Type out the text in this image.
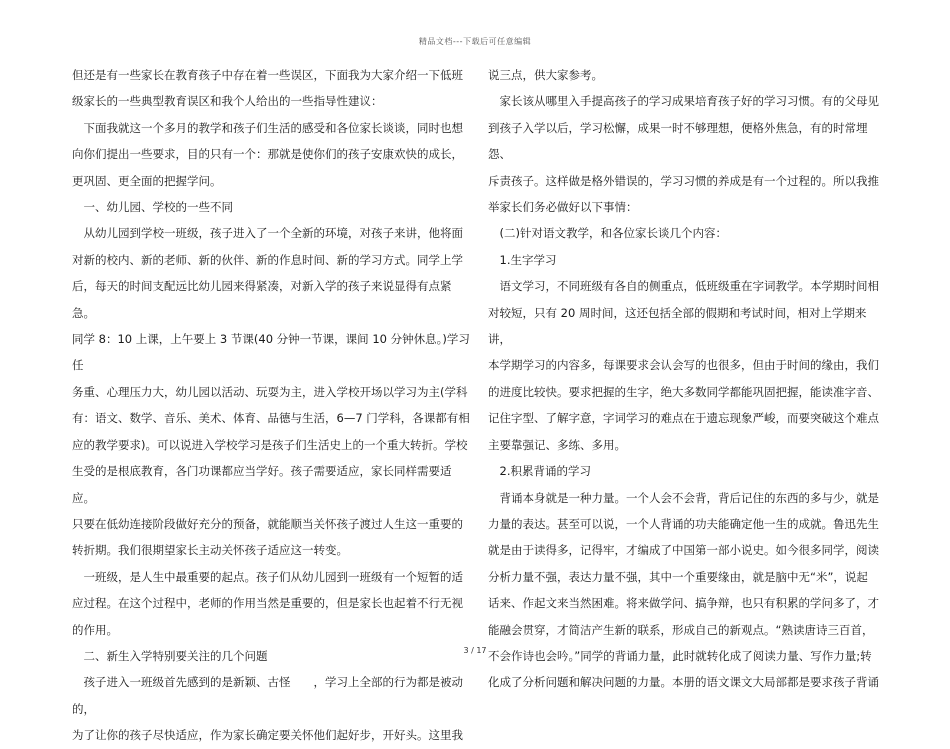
精品文档---下载后可任意编辑

但还是有一些家长在教育孩子中存在着一些误区，下面我为大家介绍一下低班

级家长的一些典型教育误区和我个人给出的一些指导性建议：

　下面我就这一个多月的教学和孩子们生活的感受和各位家长谈谈，同时也想

向你们提出一些要求，目的只有一个：那就是使你们的孩子安康欢快的成长，

更巩固、更全面的把握学问。

　一、幼儿园、学校的一些不同

　从幼儿园到学校一班级，孩子进入了一个全新的环境，对孩子来讲，他将面

对新的校内、新的老师、新的伙伴、新的作息时间、新的学习方式。同学上学

后，每天的时间支配远比幼儿园来得紧凑，对新入学的孩子来说显得有点紧急。

同学 8：10 上课，上午要上 3 节课(40 分钟一节课，课间 10 分钟休息。)学习任

务重、心理压力大，幼儿园以活动、玩耍为主，进入学校开场以学习为主(学科

有：语文、数学、音乐、美术、体育、品德与生活，6—7 门学科，各课都有相

应的教学要求)。可以说进入学校学习是孩子们生活史上的一个重大转折。学校

生受的是根底教育，各门功课都应当学好。孩子需要适应，家长同样需要适应。

只要在低幼连接阶段做好充分的预备，就能顺当关怀孩子渡过人生这一重要的

转折期。我们很期望家长主动关怀孩子适应这一转变。

　一班级，是人生中最重要的起点。孩子们从幼儿园到一班级有一个短暂的适

应过程。在这个过程中，老师的作用当然是重要的，但是家长也起着不行无视

的作用。

　二、新生入学特别要关注的几个问题

　孩子进入一班级首先感到的是新颖、古怪　　，学习上全部的行为都是被动的，

为了让你的孩子尽快适应，作为家长确定要关怀他们起好步，开好头。这里我

说三点，供大家参考。

　家长该从哪里入手提高孩子的学习成果培育孩子好的学习习惯。有的父母见

到孩子入学以后，学习松懈，成果一时不够理想，便格外焦急，有的时常埋怨、

斥责孩子。这样做是格外错误的，学习习惯的养成是有一个过程的。所以我推

举家长们务必做好以下事情：

　(二)针对语文教学，和各位家长谈几个内容：

　1.生字学习

　语文学习，不同班级有各自的侧重点，低班级重在字词教学。本学期时间相

对较短，只有 20 周时间，这还包括全部的假期和考试时间，相对上学期来讲，

本学期学习的内容多，每课要求会认会写的也很多，但由于时间的缘由，我们

的进度比较快。要求把握的生字，绝大多数同学都能巩固把握，能读准字音、

记住字型、了解字意，字词学习的难点在于遗忘现象严峻，而要突破这个难点

主要靠强记、多练、多用。

　2.积累背诵的学习

　背诵本身就是一种力量。一个人会不会背，背后记住的东西的多与少，就是

力量的表达。甚至可以说，一个人背诵的功夫能确定他一生的成就。鲁迅先生

就是由于读得多，记得牢，才编成了中国第一部小说史。如今很多同学，阅读

分析力量不强，表达力量不强，其中一个重要缘由，就是脑中无“米”，说起

话来、作起文来当然困难。将来做学问、搞争辩，也只有积累的学问多了，才

能融会贯穿，才简洁产生新的联系，形成自己的新观点。“熟读唐诗三百首，

不会作诗也会吟。”同学的背诵力量，此时就转化成了阅读力量、写作力量;转

化成了分析问题和解决问题的力量。本册的语文课文大局部都是要求孩子背诵

3 / 17
